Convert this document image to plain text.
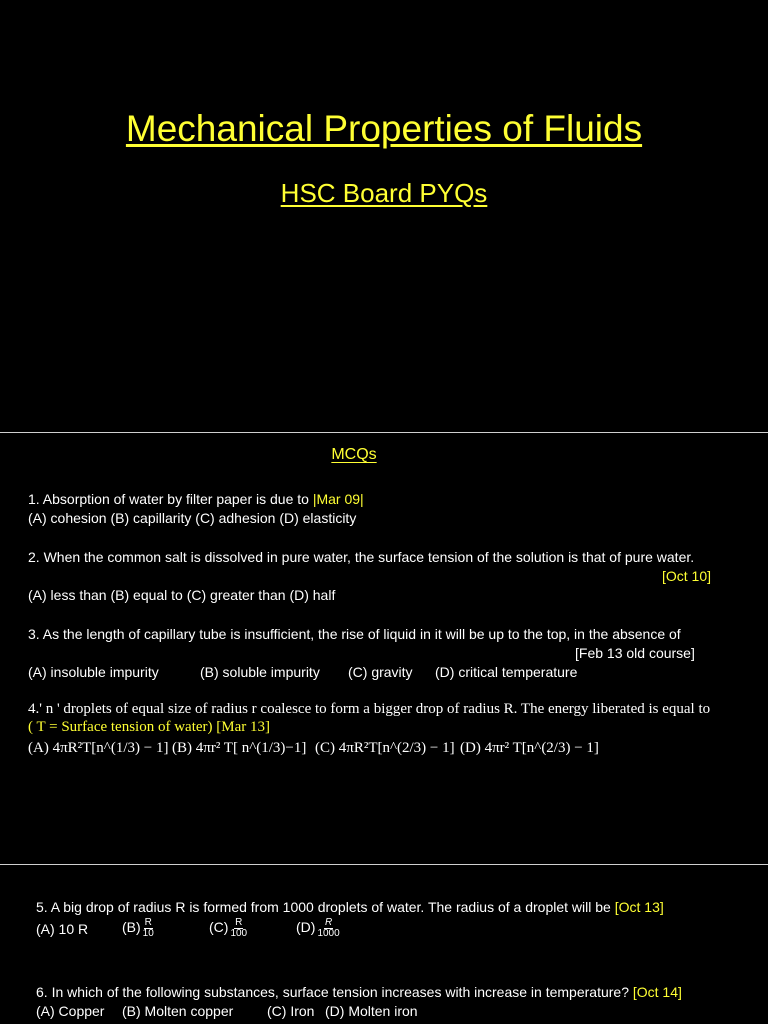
Mechanical Properties of Fluids
HSC Board PYQs
MCQs
1. Absorption of water by filter paper is due to |Mar 09|
(A) cohesion (B) capillarity (C) adhesion (D) elasticity
2. When the common salt is dissolved in pure water, the surface tension of the solution is that of pure water.
[Oct 10]
(A) less than (B) equal to (C) greater than (D) half
3. As the length of capillary tube is insufficient, the rise of liquid in it will be up to the top, in the absence of
[Feb 13 old course]
(A) insoluble impurity	(B) soluble impurity (C) gravity (D) critical temperature
4.' n ' droplets of equal size of radius r coalesce to form a bigger drop of radius R. The energy liberated is equal to
( T = Surface tension of water) [Mar 13]
(A) 4πR²T[n^(1/3) − 1] (B) 4πr² T[ n^(1/3)−1] (C) 4πR²T[n^(2/3) − 1] (D) 4πr² T[n^(2/3) − 1]
5. A big drop of radius R is formed from 1000 droplets of water. The radius of a droplet will be [Oct 13]
(A) 10 R	$(B) \frac{R}{10}$	$(C) \frac{R}{100}$	$(D) \frac{R}{1000}$
6. In which of the following substances, surface tension increases with increase in temperature? [Oct 14]
(A) Copper (B) Molten copper (C) Iron (D) Molten iron
